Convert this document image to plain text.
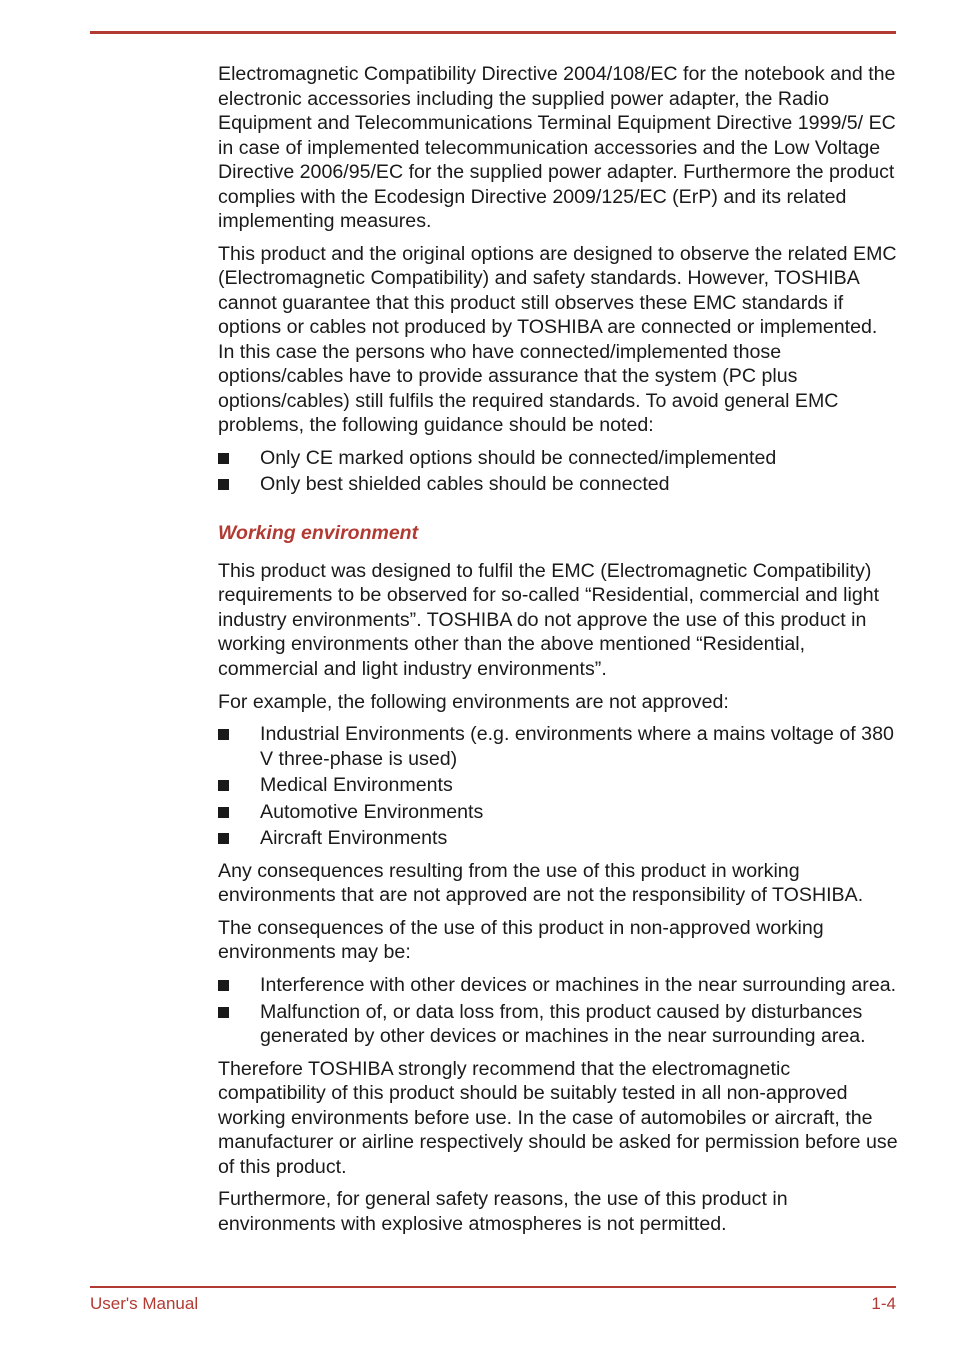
Electromagnetic Compatibility Directive 2004/108/EC for the notebook and the electronic accessories including the supplied power adapter, the Radio Equipment and Telecommunications Terminal Equipment Directive 1999/5/ EC in case of implemented telecommunication accessories and the Low Voltage Directive 2006/95/EC for the supplied power adapter. Furthermore the product complies with the Ecodesign Directive 2009/125/EC (ErP) and its related implementing measures.

This product and the original options are designed to observe the related EMC (Electromagnetic Compatibility) and safety standards. However, TOSHIBA cannot guarantee that this product still observes these EMC standards if options or cables not produced by TOSHIBA are connected or implemented. In this case the persons who have connected/implemented those options/cables have to provide assurance that the system (PC plus options/cables) still fulfils the required standards. To avoid general EMC problems, the following guidance should be noted:

Only CE marked options should be connected/implemented
Only best shielded cables should be connected
Working environment

This product was designed to fulfil the EMC (Electromagnetic Compatibility) requirements to be observed for so-called “Residential, commercial and light industry environments”. TOSHIBA do not approve the use of this product in working environments other than the above mentioned “Residential, commercial and light industry environments”.

For example, the following environments are not approved:

Industrial Environments (e.g. environments where a mains voltage of 380 V three-phase is used)
Medical Environments
Automotive Environments
Aircraft Environments

Any consequences resulting from the use of this product in working environments that are not approved are not the responsibility of TOSHIBA.

The consequences of the use of this product in non-approved working environments may be:

Interference with other devices or machines in the near surrounding area.
Malfunction of, or data loss from, this product caused by disturbances generated by other devices or machines in the near surrounding area.

Therefore TOSHIBA strongly recommend that the electromagnetic compatibility of this product should be suitably tested in all non-approved working environments before use. In the case of automobiles or aircraft, the manufacturer or airline respectively should be asked for permission before use of this product.

Furthermore, for general safety reasons, the use of this product in environments with explosive atmospheres is not permitted.

User's Manual	1-4
